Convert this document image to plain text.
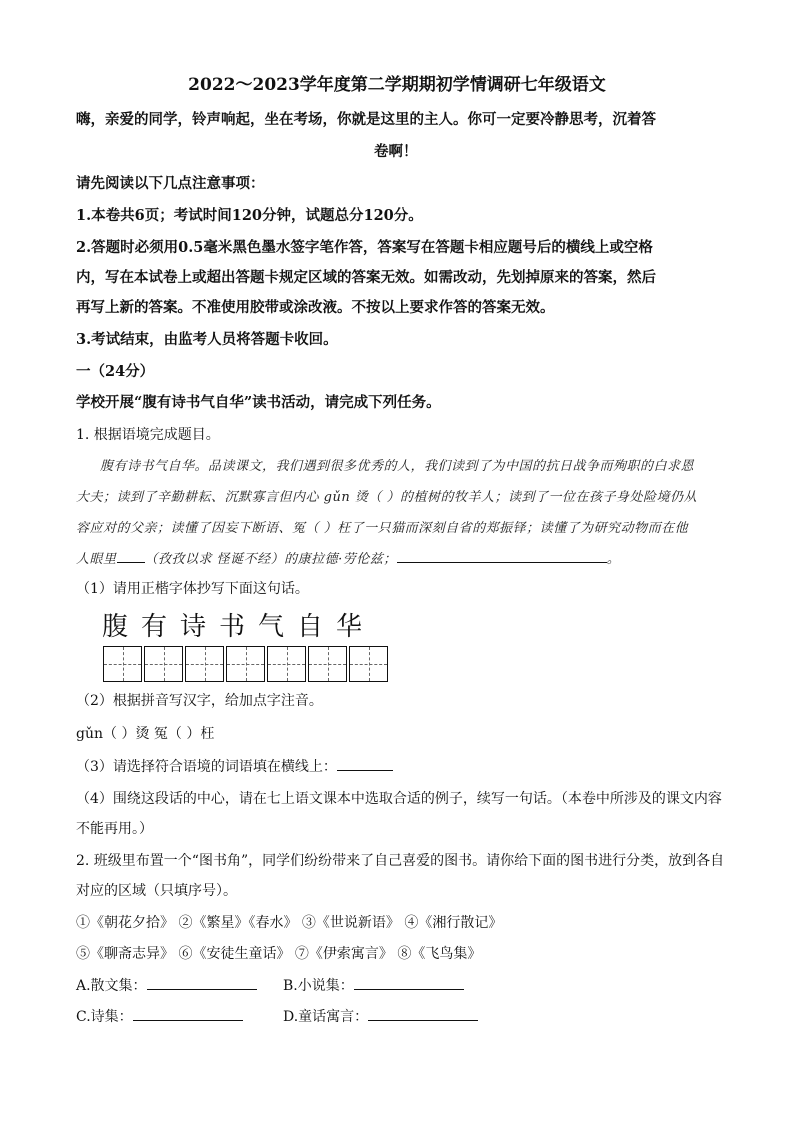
2022～2023学年度第二学期期初学情调研七年级语文
嗨，亲爱的同学，铃声响起，坐在考场，你就是这里的主人。你可一定要冷静思考，沉着答
卷啊！
请先阅读以下几点注意事项：
1.本卷共6页；考试时间120分钟，试题总分120分。
2.答题时必须用0.5毫米黑色墨水签字笔作答，答案写在答题卡相应题号后的横线上或空格
内，写在本试卷上或超出答题卡规定区域的答案无效。如需改动，先划掉原来的答案，然后
再写上新的答案。不准使用胶带或涂改液。不按以上要求作答的答案无效。
3.考试结束，由监考人员将答题卡收回。
一（24分）
学校开展“腹有诗书气自华”读书活动，请完成下列任务。
1. 根据语境完成题目。
腹有诗书气自华。品读课文，我们遇到很多优秀的人，我们读到了为中国的抗日战争而殉职的白求恩
大夫；读到了辛勤耕耘、沉默寡言但内心 gǔn 烫（ ）的植树的牧羊人；读到了一位在孩子身处险境仍从
容应对的父亲；读懂了因妄下断语、冤（ ）枉了一只猫而深刻自省的郑振铎；读懂了为研究动物而在他
人眼里 （孜孜以求 怪诞不经）的康拉德·劳伦兹；	。
（1）请用正楷字体抄写下面这句话。
腹有诗书气自华
（2）根据拼音写汉字，给加点字注音。
gǔn（ ）烫 冤（ ）枉
（3）请选择符合语境的词语填在横线上：
（4）围绕这段话的中心，请在七上语文课本中选取合适的例子，续写一句话。（本卷中所涉及的课文内容
不能再用。）
2. 班级里布置一个“图书角”，同学们纷纷带来了自己喜爱的图书。请你给下面的图书进行分类，放到各自
对应的区域（只填序号）。
①《朝花夕拾》 ②《繁星》《春水》 ③《世说新语》 ④《湘行散记》
⑤《聊斋志异》 ⑥《安徒生童话》 ⑦《伊索寓言》 ⑧《飞鸟集》
A.散文集：	B.小说集：
C.诗集：	D.童话寓言：
